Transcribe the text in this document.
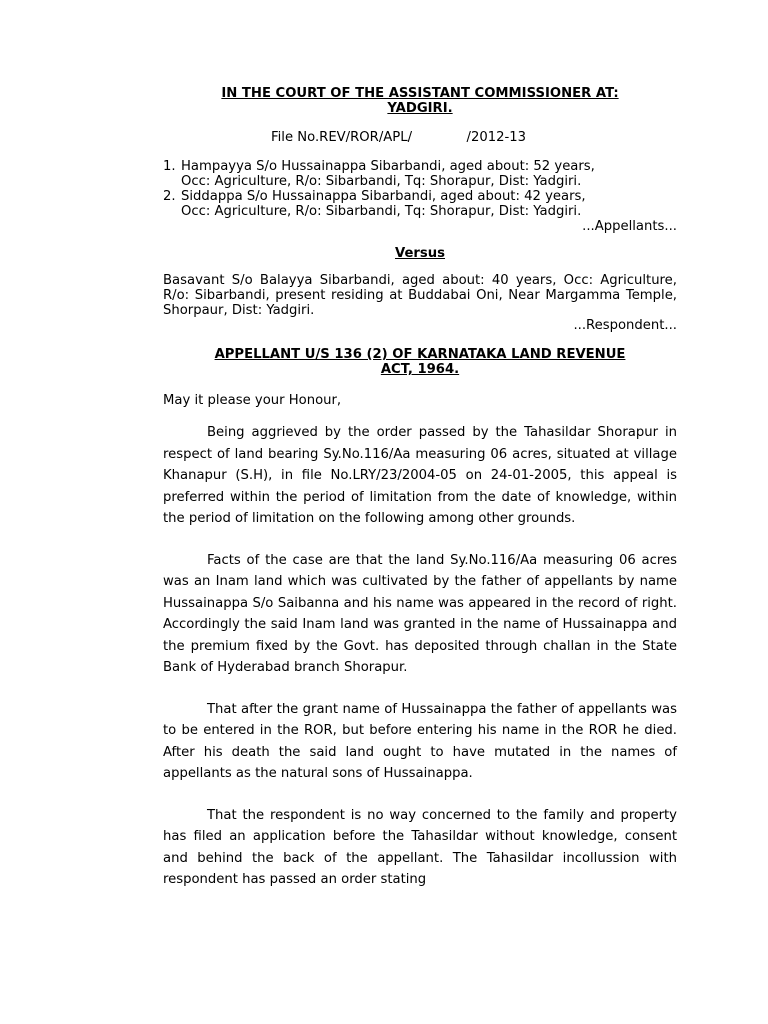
IN THE COURT OF THE ASSISTANT COMMISSIONER AT:
YADGIRI.

File No.REV/ROR/APL/             /2012-13
1. Hampayya S/o Hussainappa Sibarbandi, aged about: 52 years,
Occ: Agriculture, R/o: Sibarbandi, Tq: Shorapur, Dist: Yadgiri.
2. Siddappa S/o Hussainappa Sibarbandi, aged about: 42 years,
Occ: Agriculture, R/o: Sibarbandi, Tq: Shorapur, Dist: Yadgiri.
...Appellants...
Versus
Basavant S/o Balayya Sibarbandi, aged about: 40 years, Occ: Agriculture, R/o: Sibarbandi, present residing at Buddabai Oni, Near Margamma Temple, Shorpaur, Dist: Yadgiri.
...Respondent...

APPELLANT U/S 136 (2) OF KARNATAKA LAND REVENUE
ACT, 1964.

May it please your Honour,

Being aggrieved by the order passed by the Tahasildar Shorapur in respect of land bearing Sy.No.116/Aa measuring 06 acres, situated at village Khanapur (S.H), in file No.LRY/23/2004-05 on 24-01-2005, this appeal is preferred within the period of limitation from the date of knowledge, within the period of limitation on the following among other grounds.

Facts of the case are that the land Sy.No.116/Aa measuring 06 acres was an Inam land which was cultivated by the father of appellants by name Hussainappa S/o Saibanna and his name was appeared in the record of right. Accordingly the said Inam land was granted in the name of Hussainappa and the premium fixed by the Govt. has deposited through challan in the State Bank of Hyderabad branch Shorapur.

That after the grant name of Hussainappa the father of appellants was to be entered in the ROR, but before entering his name in the ROR he died. After his death the said land ought to have mutated in the names of appellants as the natural sons of Hussainappa.

That the respondent is no way concerned to the family and property has filed an application before the Tahasildar without knowledge, consent and behind the back of the appellant. The Tahasildar incollussion with respondent has passed an order stating
